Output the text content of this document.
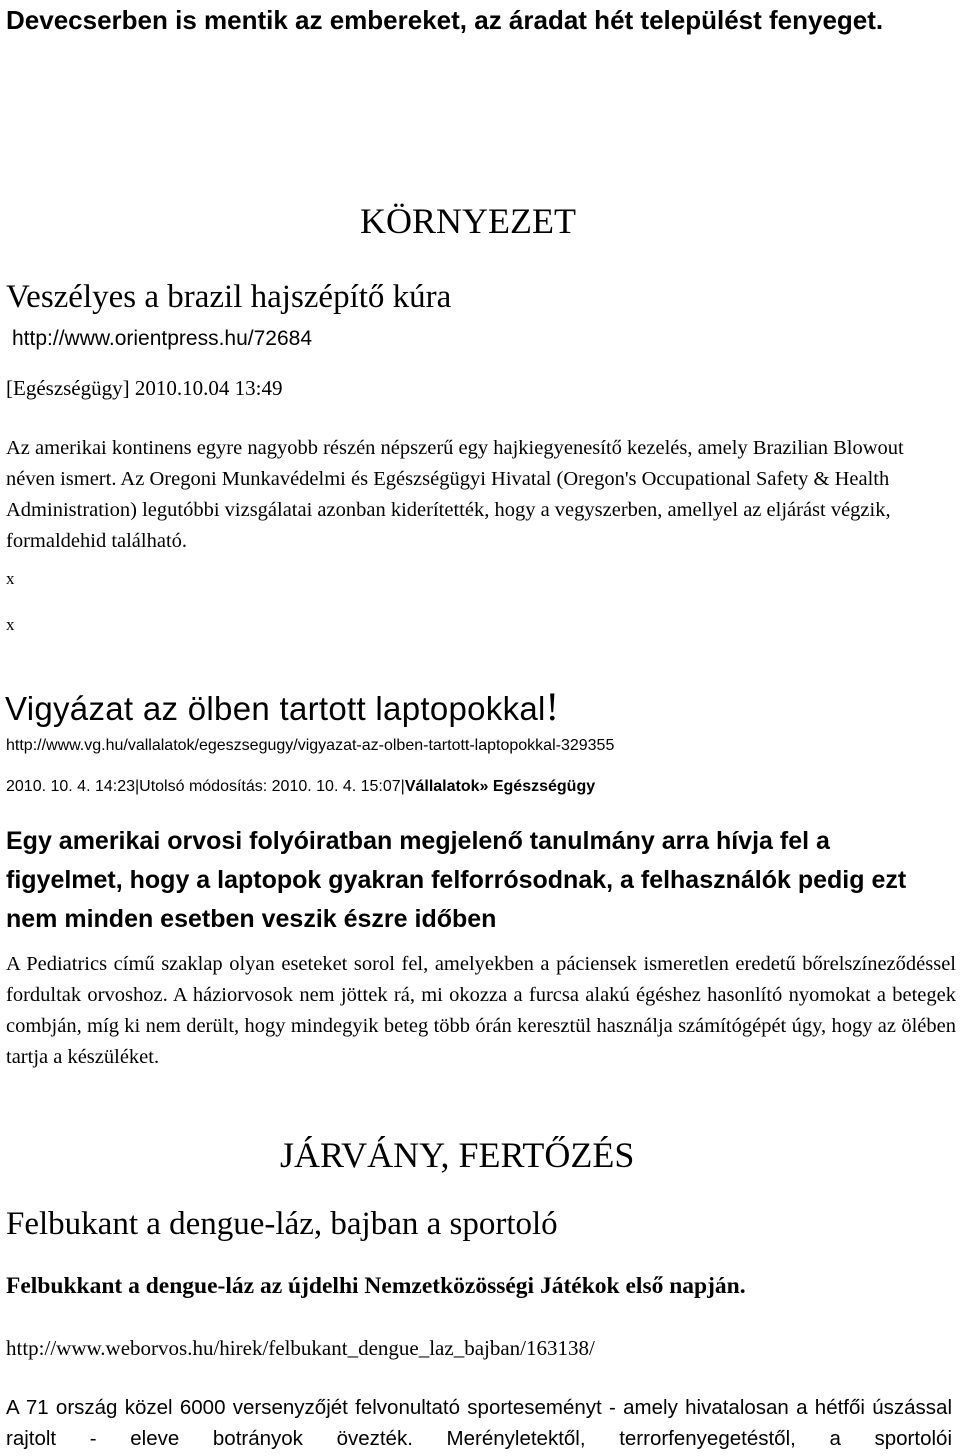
Devecserben is mentik az embereket, az áradat hét települést fenyeget.
KÖRNYEZET
Veszélyes a brazil hajszépítő kúra
http://www.orientpress.hu/72684
[Egészségügy] 2010.10.04 13:49
Az amerikai kontinens egyre nagyobb részén népszerű egy hajkiegyenesítő kezelés, amely Brazilian Blowout néven ismert. Az Oregoni Munkavédelmi és Egészségügyi Hivatal (Oregon's Occupational Safety & Health Administration) legutóbbi vizsgálatai azonban kiderítették, hogy a vegyszerben, amellyel az eljárást végzik, formaldehid található.
x
x
Vigyázat az ölben tartott laptopokkal!
http://www.vg.hu/vallalatok/egeszsegugy/vigyazat-az-olben-tartott-laptopokkal-329355
2010. 10. 4. 14:23|Utolsó módosítás: 2010. 10. 4. 15:07|Vállalatok» Egészségügy
Egy amerikai orvosi folyóiratban megjelenő tanulmány arra hívja fel a figyelmet, hogy a laptopok gyakran felforrósodnak, a felhasználók pedig ezt nem minden esetben veszik észre időben
A Pediatrics című szaklap olyan eseteket sorol fel, amelyekben a páciensek ismeretlen eredetű bőrelszíneződéssel fordultak orvoshoz. A háziorvosok nem jöttek rá, mi okozza a furcsa alakú égéshez hasonlító nyomokat a betegek combján, míg ki nem derült, hogy mindegyik beteg több órán keresztül használja számítógépét úgy, hogy az ölében tartja a készüléket.
JÁRVÁNY, FERTŐZÉS
Felbukant a dengue-láz, bajban a sportoló
Felbukkant a dengue-láz az újdelhi Nemzetközösségi Játékok első napján.
http://www.weborvos.hu/hirek/felbukant_dengue_laz_bajban/163138/
A 71 ország közel 6000 versenyzőjét felvonultató sporteseményt - amely hivatalosan a hétfői úszással rajtolt - eleve botrányok övezték. Merényletektől, terrorfenyegetéstől, a sportolói
